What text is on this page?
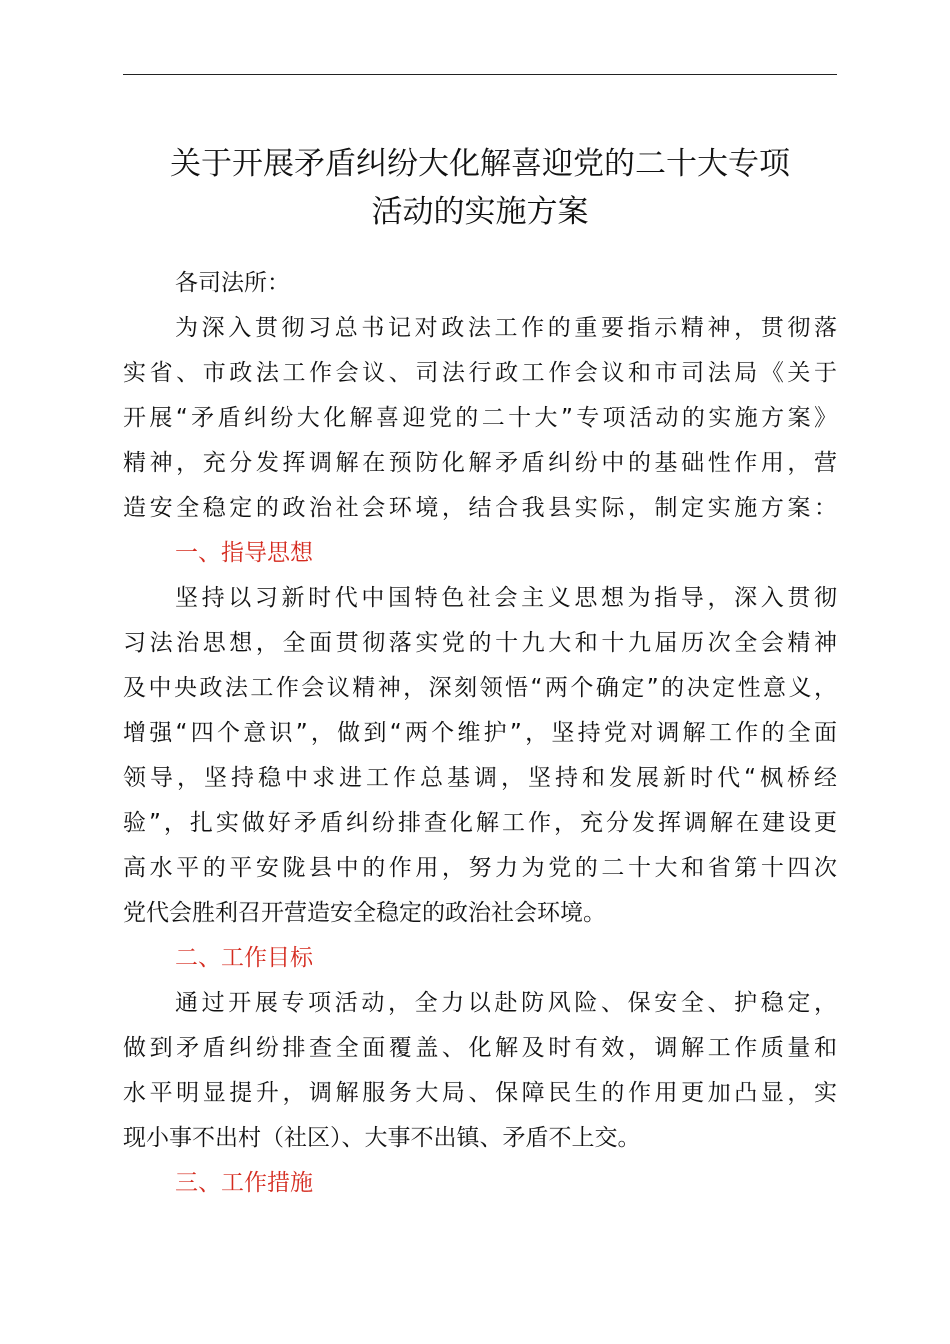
关于开展矛盾纠纷大化解喜迎党的二十大专项
活动的实施方案
各司法所：
为深入贯彻习总书记对政法工作的重要指示精神，贯彻落
实省、市政法工作会议、司法行政工作会议和市司法局《关于
开展“矛盾纠纷大化解喜迎党的二十大”专项活动的实施方案》
精神，充分发挥调解在预防化解矛盾纠纷中的基础性作用，营
造安全稳定的政治社会环境，结合我县实际，制定实施方案：
一、指导思想
坚持以习新时代中国特色社会主义思想为指导，深入贯彻
习法治思想，全面贯彻落实党的十九大和十九届历次全会精神
及中央政法工作会议精神，深刻领悟“两个确定”的决定性意义，
增强“四个意识”，做到“两个维护”，坚持党对调解工作的全面
领导，坚持稳中求进工作总基调，坚持和发展新时代“枫桥经
验”，扎实做好矛盾纠纷排查化解工作，充分发挥调解在建设更
高水平的平安陇县中的作用，努力为党的二十大和省第十四次
党代会胜利召开营造安全稳定的政治社会环境。
二、工作目标
通过开展专项活动，全力以赴防风险、保安全、护稳定，
做到矛盾纠纷排查全面覆盖、化解及时有效，调解工作质量和
水平明显提升，调解服务大局、保障民生的作用更加凸显，实
现小事不出村（社区）、大事不出镇、矛盾不上交。
三、工作措施
